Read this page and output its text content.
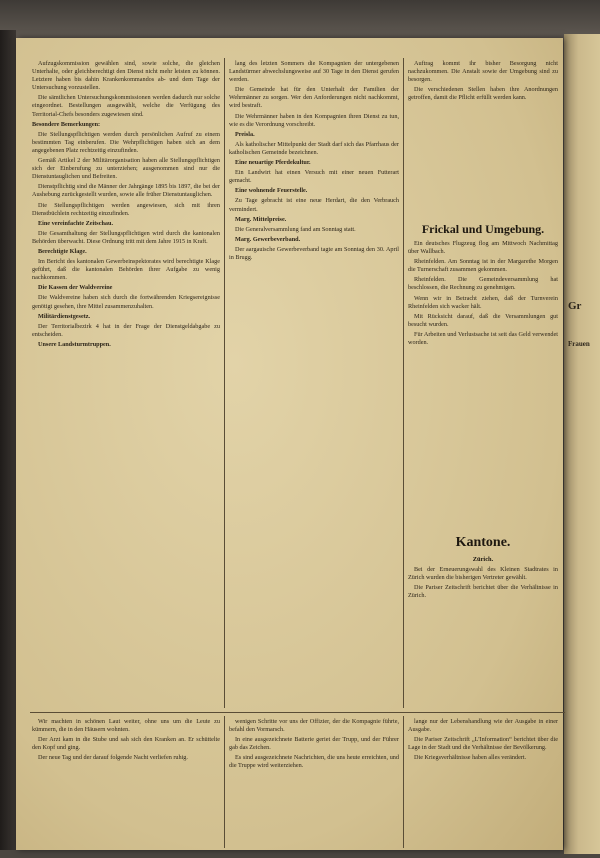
Gr
Frauen

Aufzugskommission gewählen sind, sowie solche, die gleichen Unterhalte, oder gleichberechtigt den Dienst nicht mehr leisten zu können. Letztere haben bis dahin Krankenkommandos ab- und dem Tage der Untersuchung vorzustellen.

Die sämtlichen Untersuchungskommissionen werden dadurch nur solche eingeordnet. Bestellungen ausgewählt, welche die Verfügung des Territorial-Chefs besonders zugewiesen sind.

Besondere Bemerkungen:

Die Stellungspflichtigen werden durch persönlichen Aufruf zu einem bestimmten Tag einberufen. Die Wehrpflichtigen haben sich an dem angegebenen Platz rechtzeitig einzufinden.

Gemäß Artikel 2 der Militärorganisation haben alle Stellungspflichtigen sich der Einberufung zu unterziehen; ausgenommen sind nur die Dienstuntauglichen und Befreiten.

Dienstpflichtig sind die Männer der Jahrgänge 1895 bis 1897, die bei der Aushebung zurückgestellt wurden, sowie alle früher Dienstuntauglichen.

Die Stellungspflichtigen werden angewiesen, sich mit ihren Dienstbüchlein rechtzeitig einzufinden.

Eine vereinfachte Zeitschau.

Die Gesamthaltung der Stellungspflichtigen wird durch die kantonalen Behörden überwacht. Diese Ordnung tritt mit dem Jahre 1915 in Kraft.

Berechtigte Klage.

Im Bericht des kantonalen Gewerbeinspektorates wird berechtigte Klage geführt, daß die kantonalen Behörden ihrer Aufgabe zu wenig nachkommen.

Die Kassen der Waldvereine

Die Waldvereine haben sich durch die fortwährenden Kriegsereignisse genötigt gesehen, ihre Mittel zusammenzuhalten.

Militärdienstgesetz.

Der Territorialbezirk 4 hat in der Frage der Dienstgeldabgabe zu entscheiden.

Unsere Landsturmtruppen.

lang des letzten Sommers die Kompagnien der untergebenen Landstürmer abwechslungsweise auf 30 Tage in den Dienst gerufen werden.

Die Gemeinde hat für den Unterhalt der Familien der Wehrmänner zu sorgen. Wer den Anforderungen nicht nachkommt, wird bestraft.

Die Wehrmänner haben in den Kompagnien ihren Dienst zu tun, wie es die Verordnung vorschreibt.

Preisla.

Als katholischer Mittelpunkt der Stadt darf sich das Pfarrhaus der katholischen Gemeinde bezeichnen.

Eine neuartige Pferdekultur.

Ein Landwirt hat einen Versuch mit einer neuen Futterart gemacht.

Eine wohnende Feuerstelle.

Zu Tage gebracht ist eine neue Herdart, die den Verbrauch vermindert.

Marg. Mittelpreise.

Die Generalversammlung fand am Sonntag statt.

Marg. Gewerbeverband.

Der aargauische Gewerbeverband tagte am Sonntag den 30. April in Brugg.

Auftrag kommt ihr bisher Besorgung nicht nachzukommen. Die Anstalt sowie der Umgebung sind zu besorgen.

Die verschiedenen Stellen haben ihre Anordnungen getroffen, damit die Pflicht erfüllt werden kann.

Frickal und Umgebung.

Ein deutsches Flugzeug flog am Mittwoch Nachmittag über Wallbach.

Rheinfelden. Am Sonntag ist in der Margarethe Morgen die Turnerschaft zusammen gekommen.

Rheinfelden. Die Gemeindeversammlung hat beschlossen, die Rechnung zu genehmigen.

Wenn wir in Betracht ziehen, daß der Turnverein Rheinfelden sich wacker hält.

Mit Rücksicht darauf, daß die Versammlungen gut besucht wurden.

Für Arbeiten und Verlustsache ist seit das Geld verwendet worden.

Kantone.
Zürich.

Bei der Erneuerungswahl des Kleinen Stadtrates in Zürich wurden die bisherigen Vertreter gewählt.

Die Pariser Zeitschrift berichtet über die Verhältnisse in Zürich.

Wir machten in schönen Laut weiter, ohne uns um die Leute zu kümmern, die in den Häusern wohnten.

Der Arzt kam in die Stube und sah sich den Kranken an. Er schüttelte den Kopf und ging.

Der neue Tag und der darauf folgende Nacht verliefen ruhig.

wenigen Schritte vor uns der Offizier, der die Kompagnie führte, befahl den Vormarsch.

In eine ausgezeichnete Batterie geriet der Trupp, und der Führer gab das Zeichen.

Es sind ausgezeichnete Nachrichten, die uns heute erreichten, und die Truppe wird weiterziehen.

lange nur der Lebenshandlung wie der Ausgabe in einer Ausgabe.

Die Pariser Zeitschrift „L'Information“ berichtet über die Lage in der Stadt und die Verhältnisse der Bevölkerung.

Die Kriegsverhältnisse haben alles verändert.
